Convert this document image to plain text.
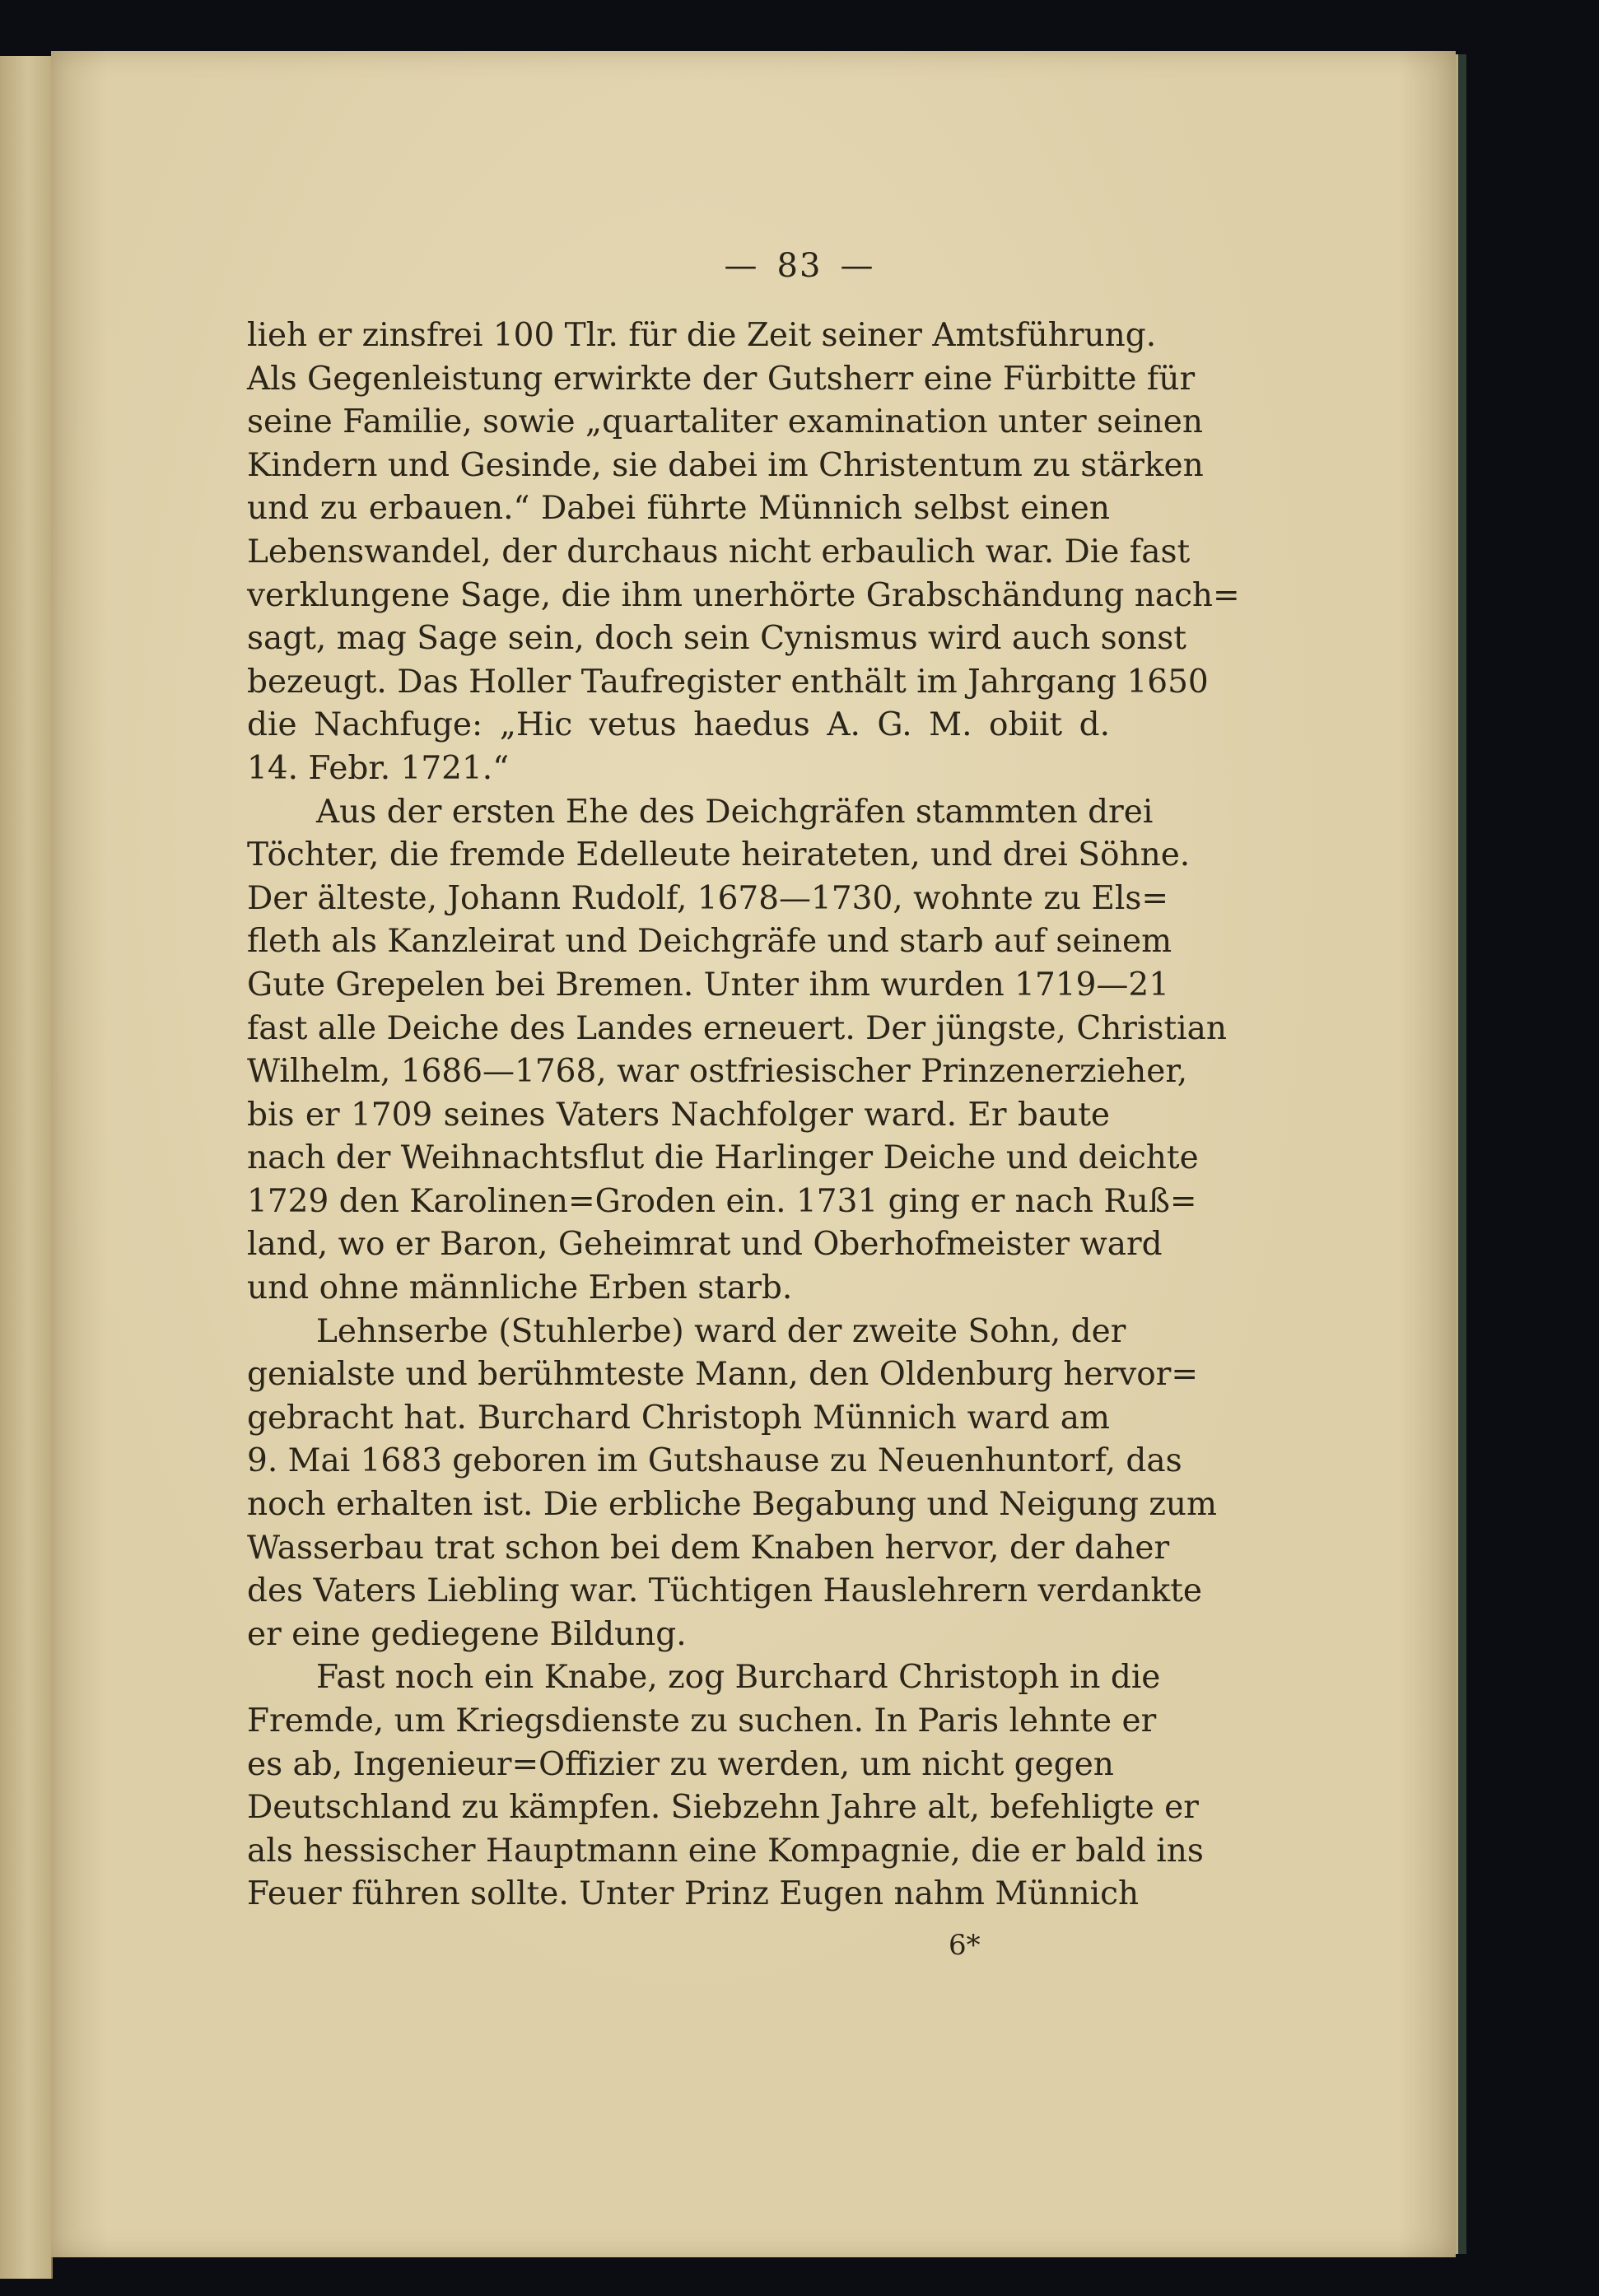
— 83 —
lieh er zinsfrei 100 Tlr. für die Zeit seiner Amtsführung.
Als Gegenleistung erwirkte der Gutsherr eine Fürbitte für
seine Familie, sowie „quartaliter examination unter seinen
Kindern und Gesinde, sie dabei im Christentum zu stärken
und zu erbauen.“ Dabei führte Münnich selbst einen
Lebenswandel, der durchaus nicht erbaulich war. Die fast
verklungene Sage, die ihm unerhörte Grabschändung nach=
sagt, mag Sage sein, doch sein Cynismus wird auch sonst
bezeugt. Das Holler Taufregister enthält im Jahrgang 1650
die Nachfuge: „Hic vetus haedus A. G. M. obiit d.
14. Febr. 1721.“
Aus der ersten Ehe des Deichgräfen stammten drei
Töchter, die fremde Edelleute heirateten, und drei Söhne.
Der älteste, Johann Rudolf, 1678—1730, wohnte zu Els=
fleth als Kanzleirat und Deichgräfe und starb auf seinem
Gute Grepelen bei Bremen. Unter ihm wurden 1719—21
fast alle Deiche des Landes erneuert. Der jüngste, Christian
Wilhelm, 1686—1768, war ostfriesischer Prinzenerzieher,
bis er 1709 seines Vaters Nachfolger ward. Er baute
nach der Weihnachtsflut die Harlinger Deiche und deichte
1729 den Karolinen=Groden ein. 1731 ging er nach Ruß=
land, wo er Baron, Geheimrat und Oberhofmeister ward
und ohne männliche Erben starb.
Lehnserbe (Stuhlerbe) ward der zweite Sohn, der
genialste und berühmteste Mann, den Oldenburg hervor=
gebracht hat. Burchard Christoph Münnich ward am
9. Mai 1683 geboren im Gutshause zu Neuenhuntorf, das
noch erhalten ist. Die erbliche Begabung und Neigung zum
Wasserbau trat schon bei dem Knaben hervor, der daher
des Vaters Liebling war. Tüchtigen Hauslehrern verdankte
er eine gediegene Bildung.
Fast noch ein Knabe, zog Burchard Christoph in die
Fremde, um Kriegsdienste zu suchen. In Paris lehnte er
es ab, Ingenieur=Offizier zu werden, um nicht gegen
Deutschland zu kämpfen. Siebzehn Jahre alt, befehligte er
als hessischer Hauptmann eine Kompagnie, die er bald ins
Feuer führen sollte. Unter Prinz Eugen nahm Münnich
6*
